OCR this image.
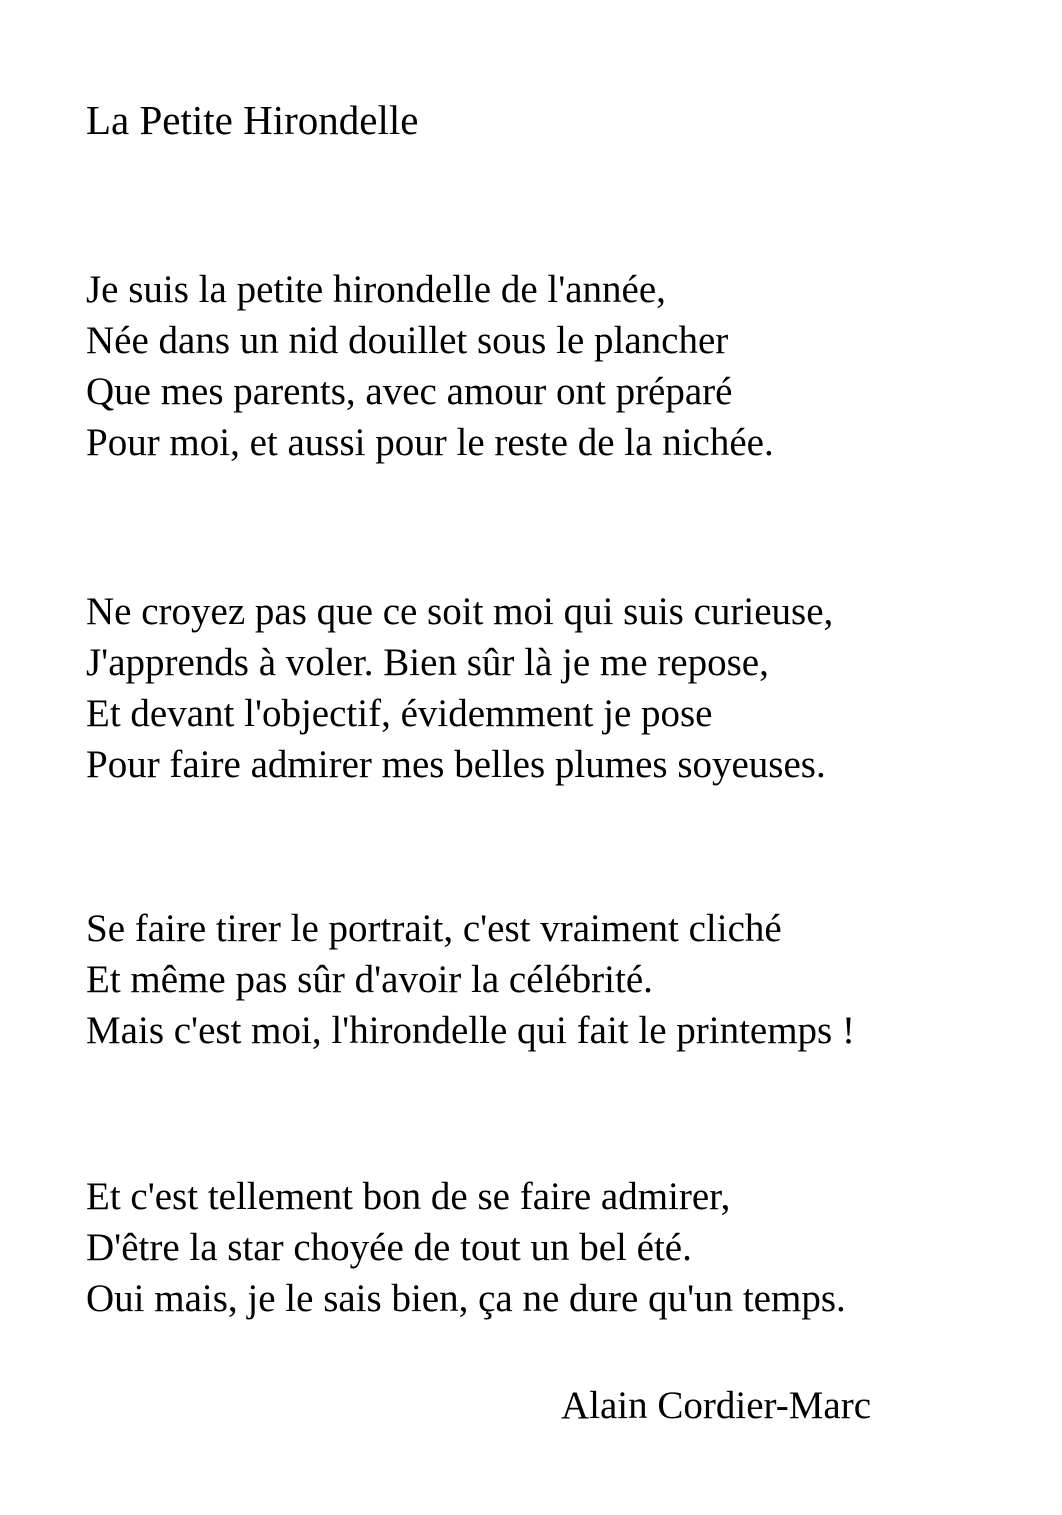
La Petite Hirondelle
Je suis la petite hirondelle de l'année,
Née dans un nid douillet sous le plancher
Que mes parents, avec amour ont préparé
Pour moi, et aussi pour le reste de la nichée.
Ne croyez pas que ce soit moi qui suis curieuse,
J'apprends à voler. Bien sûr là je me repose,
Et devant l'objectif, évidemment je pose
Pour faire admirer mes belles plumes soyeuses.
Se faire tirer le portrait, c'est vraiment cliché
Et même pas sûr d'avoir la célébrité.
Mais c'est moi, l'hirondelle qui fait le printemps !
Et c'est tellement bon de se faire admirer,
D'être la star choyée de tout un bel été.
Oui mais, je le sais bien, ça ne dure qu'un temps.
Alain Cordier-Marc
